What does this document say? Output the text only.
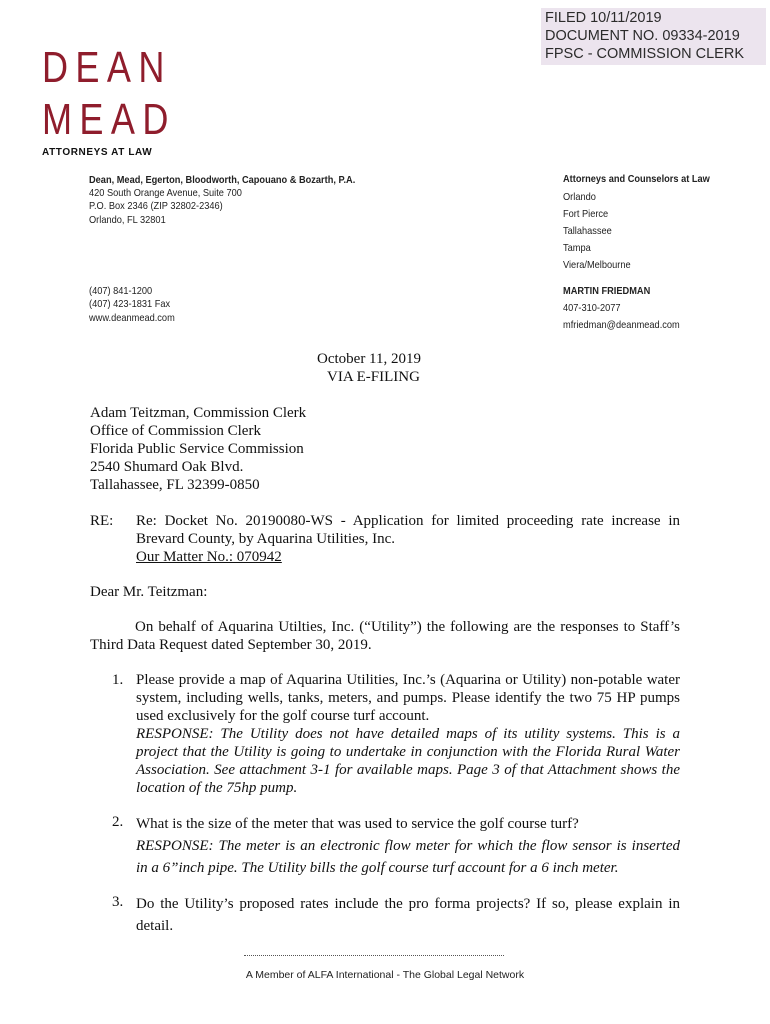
FILED 10/11/2019
DOCUMENT NO. 09334-2019
FPSC - COMMISSION CLERK
DEAN
MEAD
ATTORNEYS AT LAW
Dean, Mead, Egerton, Bloodworth, Capouano & Bozarth, P.A.
420 South Orange Avenue, Suite 700
P.O. Box 2346 (ZIP 32802-2346)
Orlando, FL 32801
(407) 841-1200
(407) 423-1831 Fax
www.deanmead.com
Attorneys and Counselors at Law
Orlando
Fort Pierce
Tallahassee
Tampa
Viera/Melbourne
MARTIN FRIEDMAN
407-310-2077
mfriedman@deanmead.com
October 11, 2019
VIA E-FILING
Adam Teitzman, Commission Clerk
Office of Commission Clerk
Florida Public Service Commission
2540 Shumard Oak Blvd.
Tallahassee, FL 32399-0850
RE: Re: Docket No. 20190080-WS - Application for limited proceeding rate increase in
Brevard County, by Aquarina Utilities, Inc.
Our Matter No.: 070942
Dear Mr. Teitzman:
On behalf of Aquarina Utilties, Inc. (“Utility”) the following are the responses to Staff’s
Third Data Request dated September 30, 2019.
1. Please provide a map of Aquarina Utilities, Inc.’s (Aquarina or Utility) non-potable water
system, including wells, tanks, meters, and pumps. Please identify the two 75 HP pumps
used exclusively for the golf course turf account.
RESPONSE: The Utility does not have detailed maps of its utility systems. This is a
project that the Utility is going to undertake in conjunction with the Florida Rural Water
Association. See attachment 3-1 for available maps. Page 3 of that Attachment shows the
location of the 75hp pump.
2. What is the size of the meter that was used to service the golf course turf?
RESPONSE: The meter is an electronic flow meter for which the flow sensor is inserted
in a 6”inch pipe. The Utility bills the golf course turf account for a 6 inch meter.
3. Do the Utility’s proposed rates include the pro forma projects? If so, please explain in
detail.
A Member of ALFA International - The Global Legal Network
